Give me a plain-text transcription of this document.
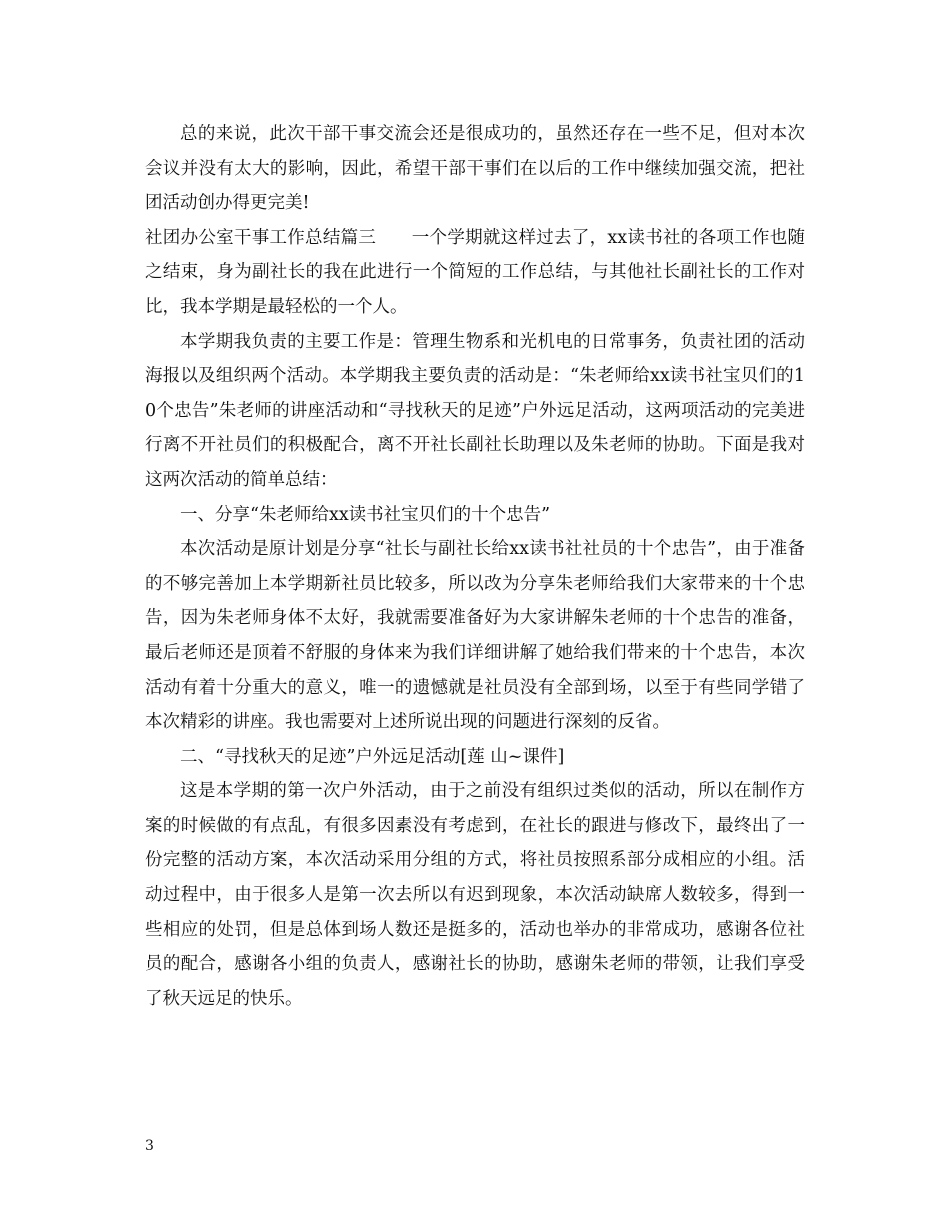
总的来说，此次干部干事交流会还是很成功的，虽然还存在一些不足，但对本次会议并没有太大的影响，因此，希望干部干事们在以后的工作中继续加强交流，把社团活动创办得更完美!

社团办公室干事工作总结篇三　　一个学期就这样过去了，xx读书社的各项工作也随之结束，身为副社长的我在此进行一个简短的工作总结，与其他社长副社长的工作对比，我本学期是最轻松的一个人。

本学期我负责的主要工作是：管理生物系和光机电的日常事务，负责社团的活动海报以及组织两个活动。本学期我主要负责的活动是：“朱老师给xx读书社宝贝们的10个忠告”朱老师的讲座活动和“寻找秋天的足迹”户外远足活动，这两项活动的完美进行离不开社员们的积极配合，离不开社长副社长助理以及朱老师的协助。下面是我对这两次活动的简单总结：

一、分享“朱老师给xx读书社宝贝们的十个忠告”

本次活动是原计划是分享“社长与副社长给xx读书社社员的十个忠告”，由于准备的不够完善加上本学期新社员比较多，所以改为分享朱老师给我们大家带来的十个忠告，因为朱老师身体不太好，我就需要准备好为大家讲解朱老师的十个忠告的准备，最后老师还是顶着不舒服的身体来为我们详细讲解了她给我们带来的十个忠告，本次活动有着十分重大的意义，唯一的遗憾就是社员没有全部到场，以至于有些同学错了本次精彩的讲座。我也需要对上述所说出现的问题进行深刻的反省。

二、“寻找秋天的足迹”户外远足活动[莲 山~课件]

这是本学期的第一次户外活动，由于之前没有组织过类似的活动，所以在制作方案的时候做的有点乱，有很多因素没有考虑到，在社长的跟进与修改下，最终出了一份完整的活动方案，本次活动采用分组的方式，将社员按照系部分成相应的小组。活动过程中，由于很多人是第一次去所以有迟到现象，本次活动缺席人数较多，得到一些相应的处罚，但是总体到场人数还是挺多的，活动也举办的非常成功，感谢各位社员的配合，感谢各小组的负责人，感谢社长的协助，感谢朱老师的带领，让我们享受了秋天远足的快乐。

3
